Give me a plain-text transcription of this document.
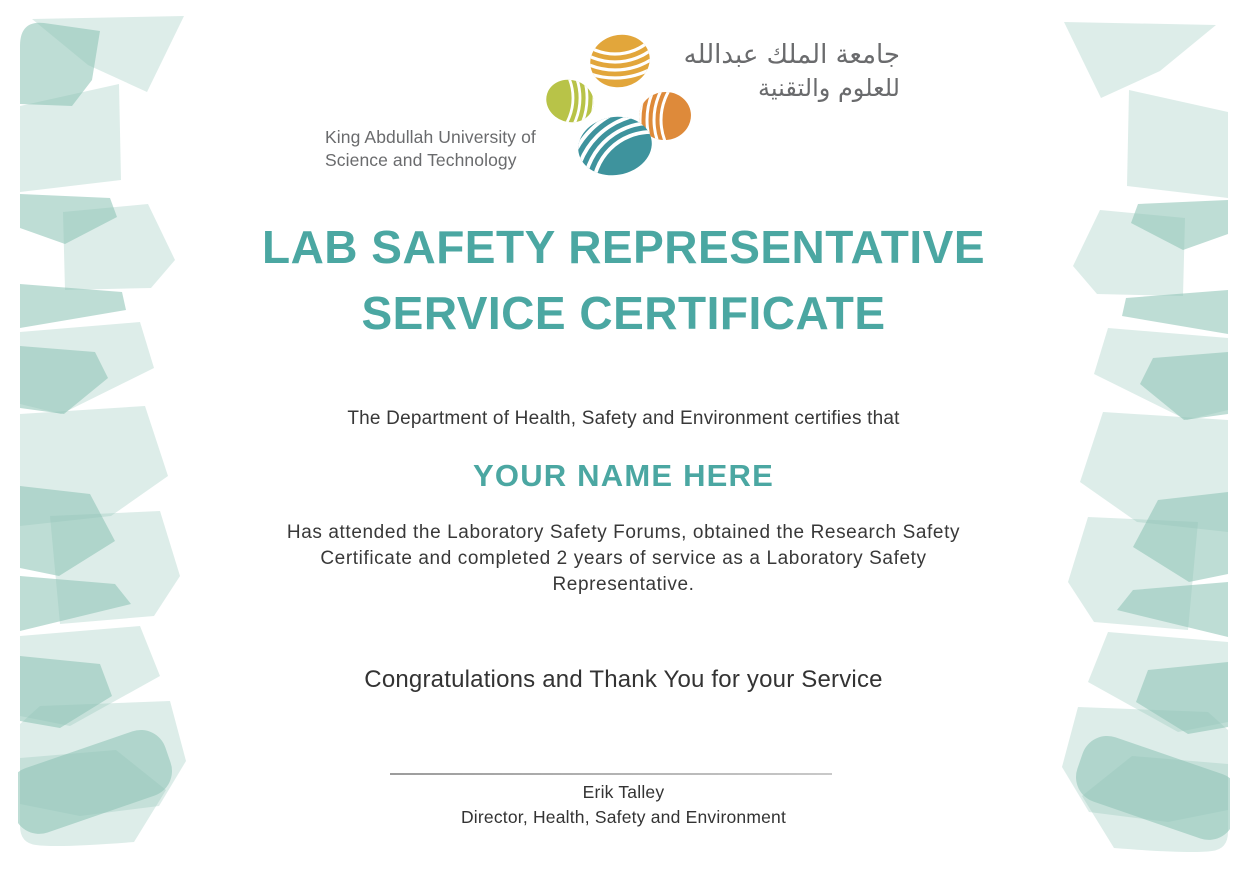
King Abdullah University of
Science and Technology
جامعة الملك عبدالله
للعلوم والتقنية
LAB SAFETY REPRESENTATIVE
SERVICE CERTIFICATE
The Department of Health, Safety and Environment certifies that
YOUR NAME HERE
Has attended the Laboratory Safety Forums, obtained the Research Safety
Certificate and completed 2 years of service as a Laboratory Safety
Representative.
Congratulations and Thank You for your Service
Erik Talley
Director, Health, Safety and Environment
